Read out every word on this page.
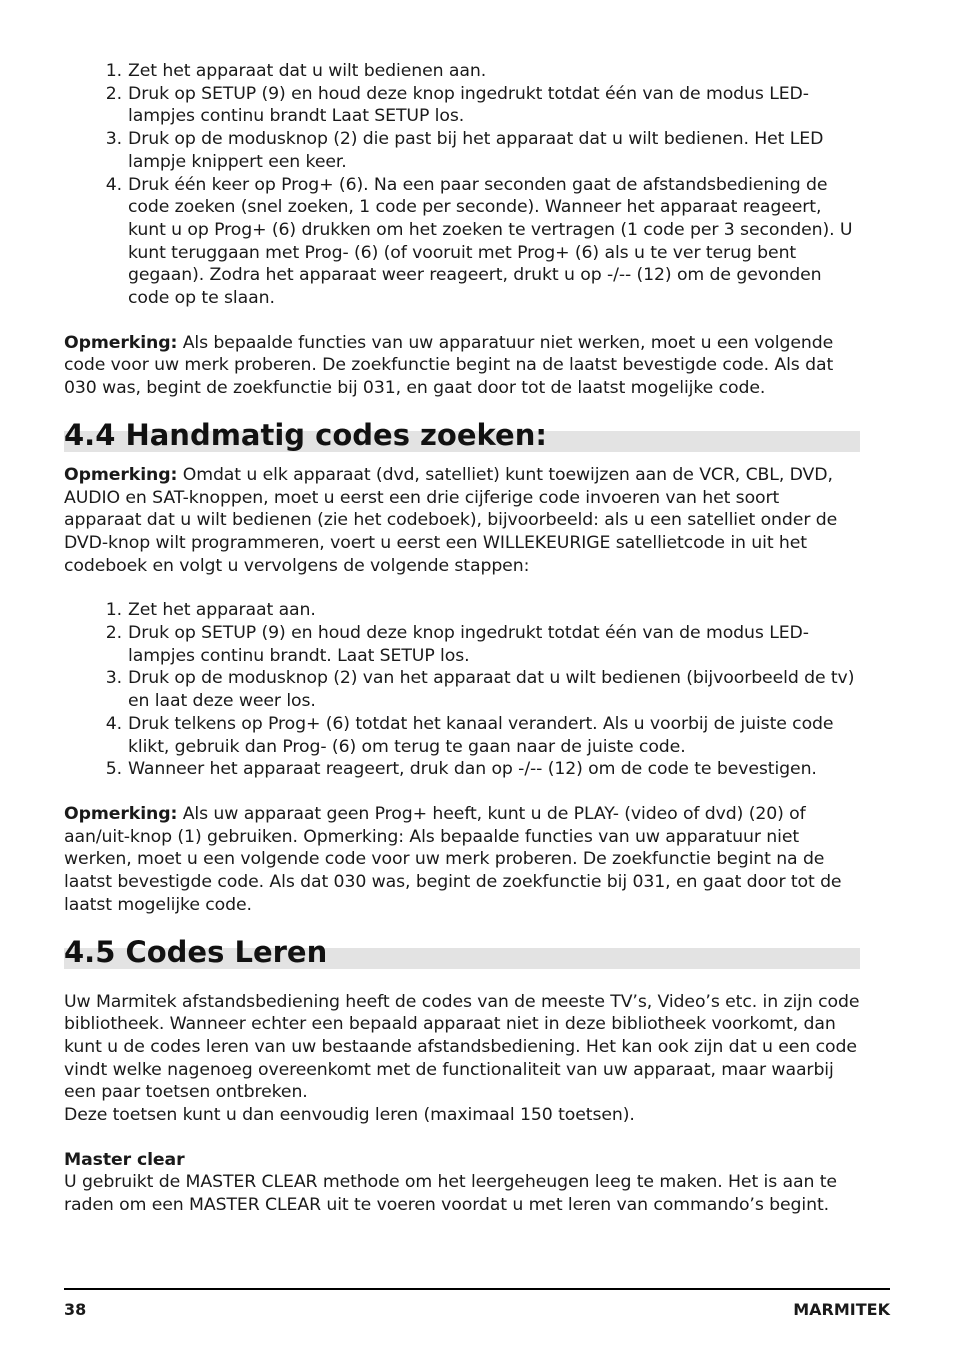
1. Zet het apparaat dat u wilt bedienen aan.
2. Druk op SETUP (9) en houd deze knop ingedrukt totdat één van de modus LED-lampjes continu brandt Laat SETUP los.
3. Druk op de modusknop (2) die past bij het apparaat dat u wilt bedienen. Het LED lampje knippert een keer.
4. Druk één keer op Prog+ (6). Na een paar seconden gaat de afstandsbediening de code zoeken (snel zoeken, 1 code per seconde). Wanneer het apparaat reageert, kunt u op Prog+ (6) drukken om het zoeken te vertragen (1 code per 3 seconden). U kunt teruggaan met Prog- (6) (of vooruit met Prog+ (6) als u te ver terug bent gegaan). Zodra het apparaat weer reageert, drukt u op -/-- (12) om de gevonden code op te slaan.

Opmerking: Als bepaalde functies van uw apparatuur niet werken, moet u een volgende code voor uw merk proberen. De zoekfunctie begint na de laatst bevestigde code. Als dat 030 was, begint de zoekfunctie bij 031, en gaat door tot de laatst mogelijke code.

4.4 Handmatig codes zoeken:

Opmerking: Omdat u elk apparaat (dvd, satelliet) kunt toewijzen aan de VCR, CBL, DVD, AUDIO en SAT-knoppen, moet u eerst een drie cijferige code invoeren van het soort apparaat dat u wilt bedienen (zie het codeboek), bijvoorbeeld: als u een satelliet onder de DVD-knop wilt programmeren, voert u eerst een WILLEKEURIGE satellietcode in uit het codeboek en volgt u vervolgens de volgende stappen:

1. Zet het apparaat aan.
2. Druk op SETUP (9) en houd deze knop ingedrukt totdat één van de modus LED-lampjes continu brandt. Laat SETUP los.
3. Druk op de modusknop (2) van het apparaat dat u wilt bedienen (bijvoorbeeld de tv) en laat deze weer los.
4. Druk telkens op Prog+ (6) totdat het kanaal verandert. Als u voorbij de juiste code klikt, gebruik dan Prog- (6) om terug te gaan naar de juiste code.
5. Wanneer het apparaat reageert, druk dan op -/-- (12) om de code te bevestigen.

Opmerking: Als uw apparaat geen Prog+ heeft, kunt u de PLAY- (video of dvd) (20) of aan/uit-knop (1) gebruiken. Opmerking: Als bepaalde functies van uw apparatuur niet werken, moet u een volgende code voor uw merk proberen. De zoekfunctie begint na de laatst bevestigde code. Als dat 030 was, begint de zoekfunctie bij 031, en gaat door tot de laatst mogelijke code.

4.5 Codes Leren

Uw Marmitek afstandsbediening heeft de codes van de meeste TV’s, Video’s etc. in zijn code bibliotheek. Wanneer echter een bepaald apparaat niet in deze bibliotheek voorkomt, dan kunt u de codes leren van uw bestaande afstandsbediening. Het kan ook zijn dat u een code vindt welke nagenoeg overeenkomt met de functionaliteit van uw apparaat, maar waarbij een paar toetsen ontbreken.

Deze toetsen kunt u dan eenvoudig leren (maximaal 150 toetsen).

Master clear

U gebruikt de MASTER CLEAR methode om het leergeheugen leeg te maken. Het is aan te raden om een MASTER CLEAR uit te voeren voordat u met leren van commando’s begint.

38	MARMITEK
